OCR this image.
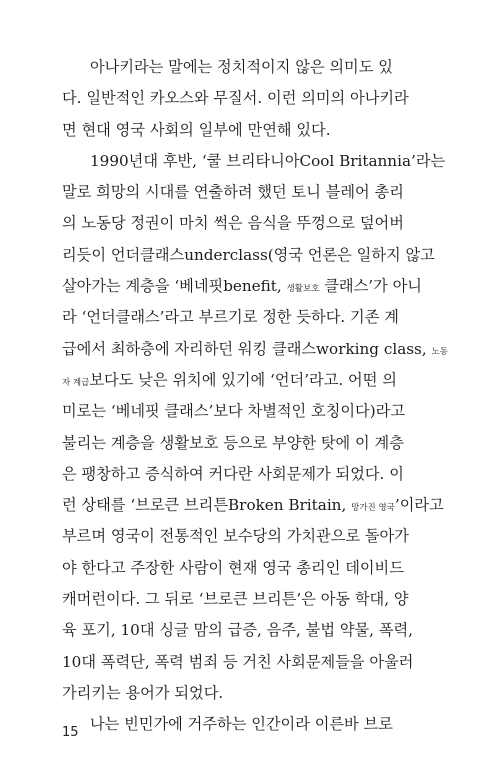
아나키라는 말에는 정치적이지 않은 의미도 있
다. 일반적인 카오스와 무질서. 이런 의미의 아나키라
면 현대 영국 사회의 일부에 만연해 있다.
1990년대 후반, ‘쿨 브리타니아Cool Britannia’라는
말로 희망의 시대를 연출하려 했던 토니 블레어 총리
의 노동당 정권이 마치 썩은 음식을 뚜껑으로 덮어버
리듯이 언더클래스underclass(영국 언론은 일하지 않고
살아가는 계층을 ‘베네핏benefit, 생활보호 클래스’가 아니
라 ‘언더클래스’라고 부르기로 정한 듯하다. 기존 계
급에서 최하층에 자리하던 워킹 클래스working class, 노동
자 계급보다도 낮은 위치에 있기에 ‘언더’라고. 어떤 의
미로는 ‘베네핏 클래스’보다 차별적인 호칭이다)라고
불리는 계층을 생활보호 등으로 부양한 탓에 이 계층
은 팽창하고 증식하여 커다란 사회문제가 되었다. 이
런 상태를 ‘브로큰 브리튼Broken Britain, 망가진 영국’이라고
부르며 영국이 전통적인 보수당의 가치관으로 돌아가
야 한다고 주장한 사람이 현재 영국 총리인 데이비드
캐머런이다. 그 뒤로 ‘브로큰 브리튼’은 아동 학대, 양
육 포기, 10대 싱글 맘의 급증, 음주, 불법 약물, 폭력,
10대 폭력단, 폭력 범죄 등 거친 사회문제들을 아울러
가리키는 용어가 되었다.
나는 빈민가에 거주하는 인간이라 이른바 브로
15
